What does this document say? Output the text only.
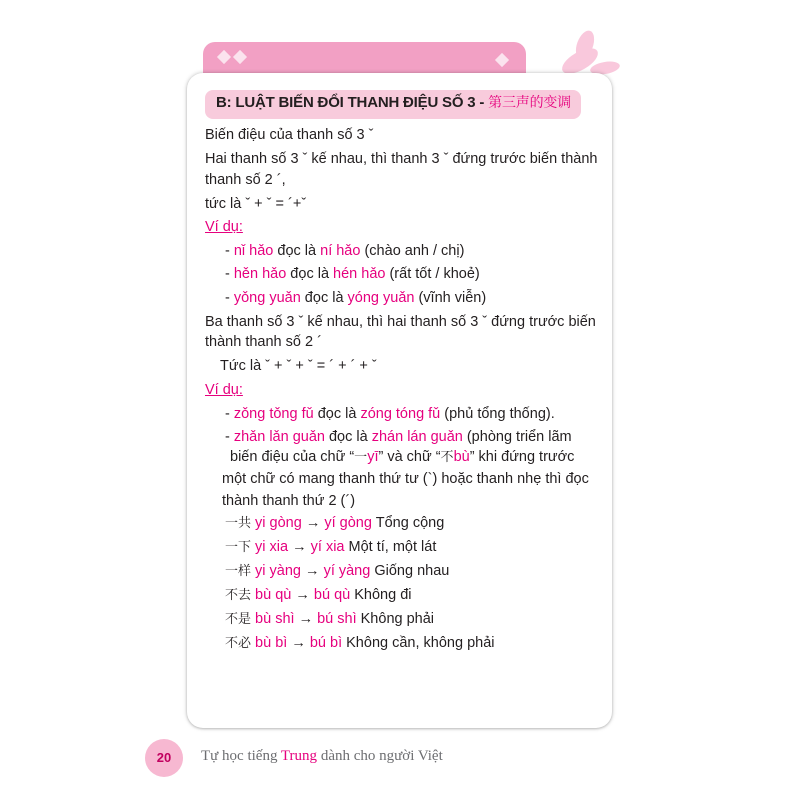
B: LUẬT BIẾN ĐỔI THANH ĐIỆU SỐ 3 - 第三声的变调
Biến điệu của thanh số 3 ˇ
Hai thanh số 3 ˇ kế nhau, thì thanh 3 ˇ đứng trước biến thành
thanh số 2 ´,
tức là ˇ + ˇ = ´+ˇ
Ví dụ:
- nǐ hǎo đọc là ní hǎo (chào anh / chị)
- hěn hǎo đọc là hén hǎo (rất tốt / khoẻ)
- yǒng yuǎn đọc là yóng yuǎn (vĩnh viễn)
Ba thanh số 3 ˇ kế nhau, thì hai thanh số 3 ˇ đứng trước biến
thành thanh số 2 ´
Tức là ˇ + ˇ + ˇ = ´ + ´ + ˇ
Ví dụ:
- zǒng tǒng fǔ đọc là zóng tóng fǔ (phủ tổng thống).
- zhǎn lǎn guǎn đọc là zhán lán guǎn (phòng triển lãm
biến điệu của chữ “一yī” và chữ “不bù” khi đứng trước
một chữ có mang thanh thứ tư (`) hoặc thanh nhẹ thì đọc
thành thanh thứ 2 (´)
一共 yi gòng → yí gòng Tổng cộng
一下 yi xia → yí xia Một tí, một lát
一样 yi yàng → yí yàng Giống nhau
不去 bù qù → bú qù Không đi
不是 bù shì → bú shì Không phải
不必 bù bì → bú bì Không cần, không phải
20	Tự học tiếng Trung dành cho người Việt
